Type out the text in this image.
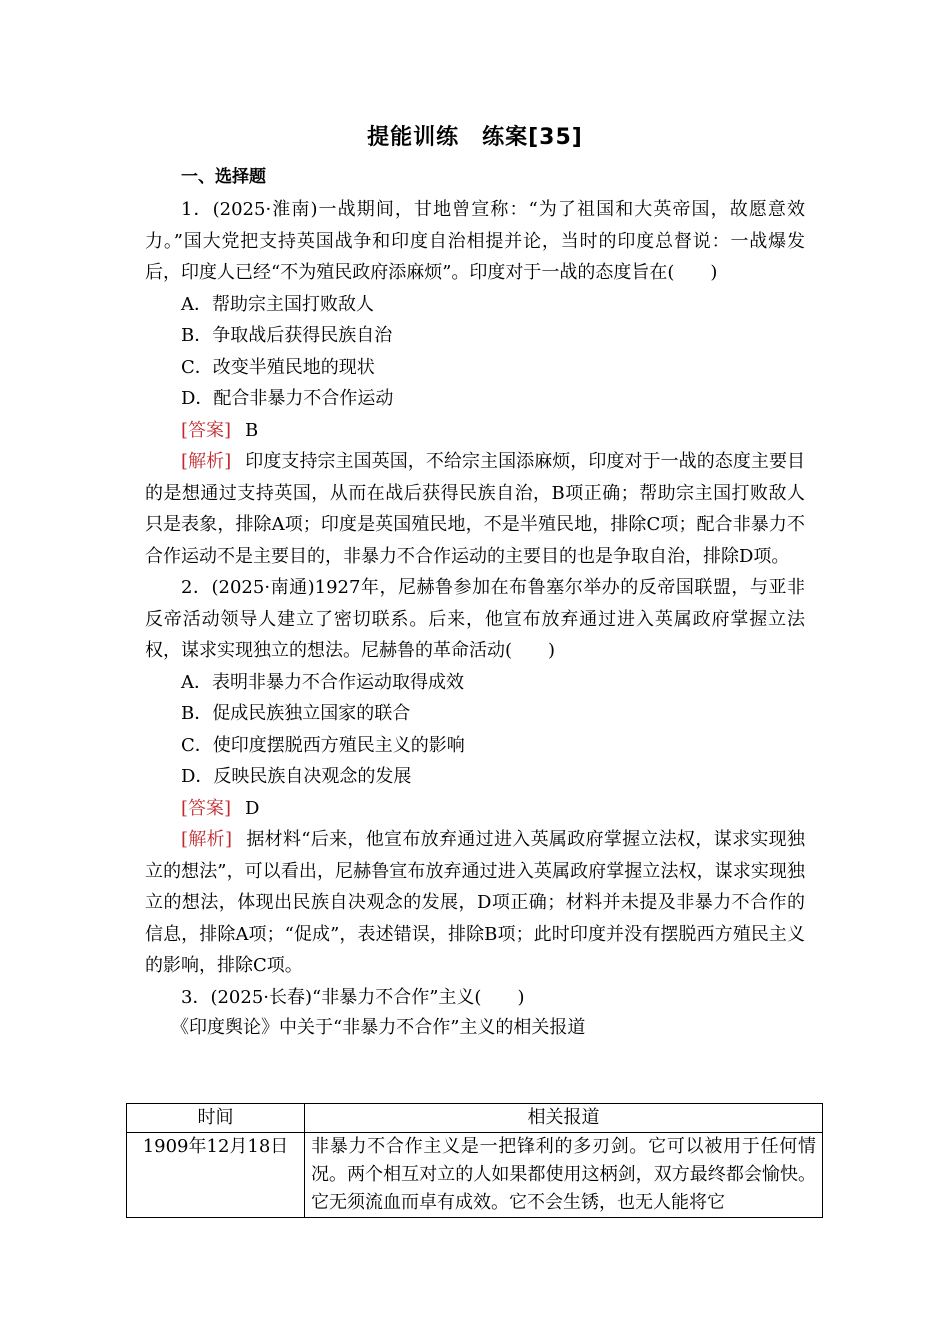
提能训练　练案[35]
一、选择题

1．(2025·淮南)一战期间，甘地曾宣称：“为了祖国和大英帝国，故愿意效力。”国大党把支持英国战争和印度自治相提并论，当时的印度总督说：一战爆发后，印度人已经“不为殖民政府添麻烦”。印度对于一战的态度旨在(　　)

A．帮助宗主国打败敌人
B．争取战后获得民族自治
C．改变半殖民地的现状
D．配合非暴力不合作运动
[答案] B

[解析] 印度支持宗主国英国，不给宗主国添麻烦，印度对于一战的态度主要目的是想通过支持英国，从而在战后获得民族自治，B项正确；帮助宗主国打败敌人只是表象，排除A项；印度是英国殖民地，不是半殖民地，排除C项；配合非暴力不合作运动不是主要目的，非暴力不合作运动的主要目的也是争取自治，排除D项。

2．(2025·南通)1927年，尼赫鲁参加在布鲁塞尔举办的反帝国联盟，与亚非反帝活动领导人建立了密切联系。后来，他宣布放弃通过进入英属政府掌握立法权，谋求实现独立的想法。尼赫鲁的革命活动(　　)

A．表明非暴力不合作运动取得成效
B．促成民族独立国家的联合
C．使印度摆脱西方殖民主义的影响
D．反映民族自决观念的发展
[答案] D

[解析] 据材料“后来，他宣布放弃通过进入英属政府掌握立法权，谋求实现独立的想法”，可以看出，尼赫鲁宣布放弃通过进入英属政府掌握立法权，谋求实现独立的想法，体现出民族自决观念的发展，D项正确；材料并未提及非暴力不合作的信息，排除A项；“促成”，表述错误，排除B项；此时印度并没有摆脱西方殖民主义的影响，排除C项。

3．(2025·长春)“非暴力不合作”主义(　　)

《印度舆论》中关于“非暴力不合作”主义的相关报道
时间	相关报道
1909年12月18日	非暴力不合作主义是一把锋利的多刃剑。它可以被用于任何情况。两个相互对立的人如果都使用这柄剑，双方最终都会愉快。它无须流血而卓有成效。它不会生锈，也无人能将它
